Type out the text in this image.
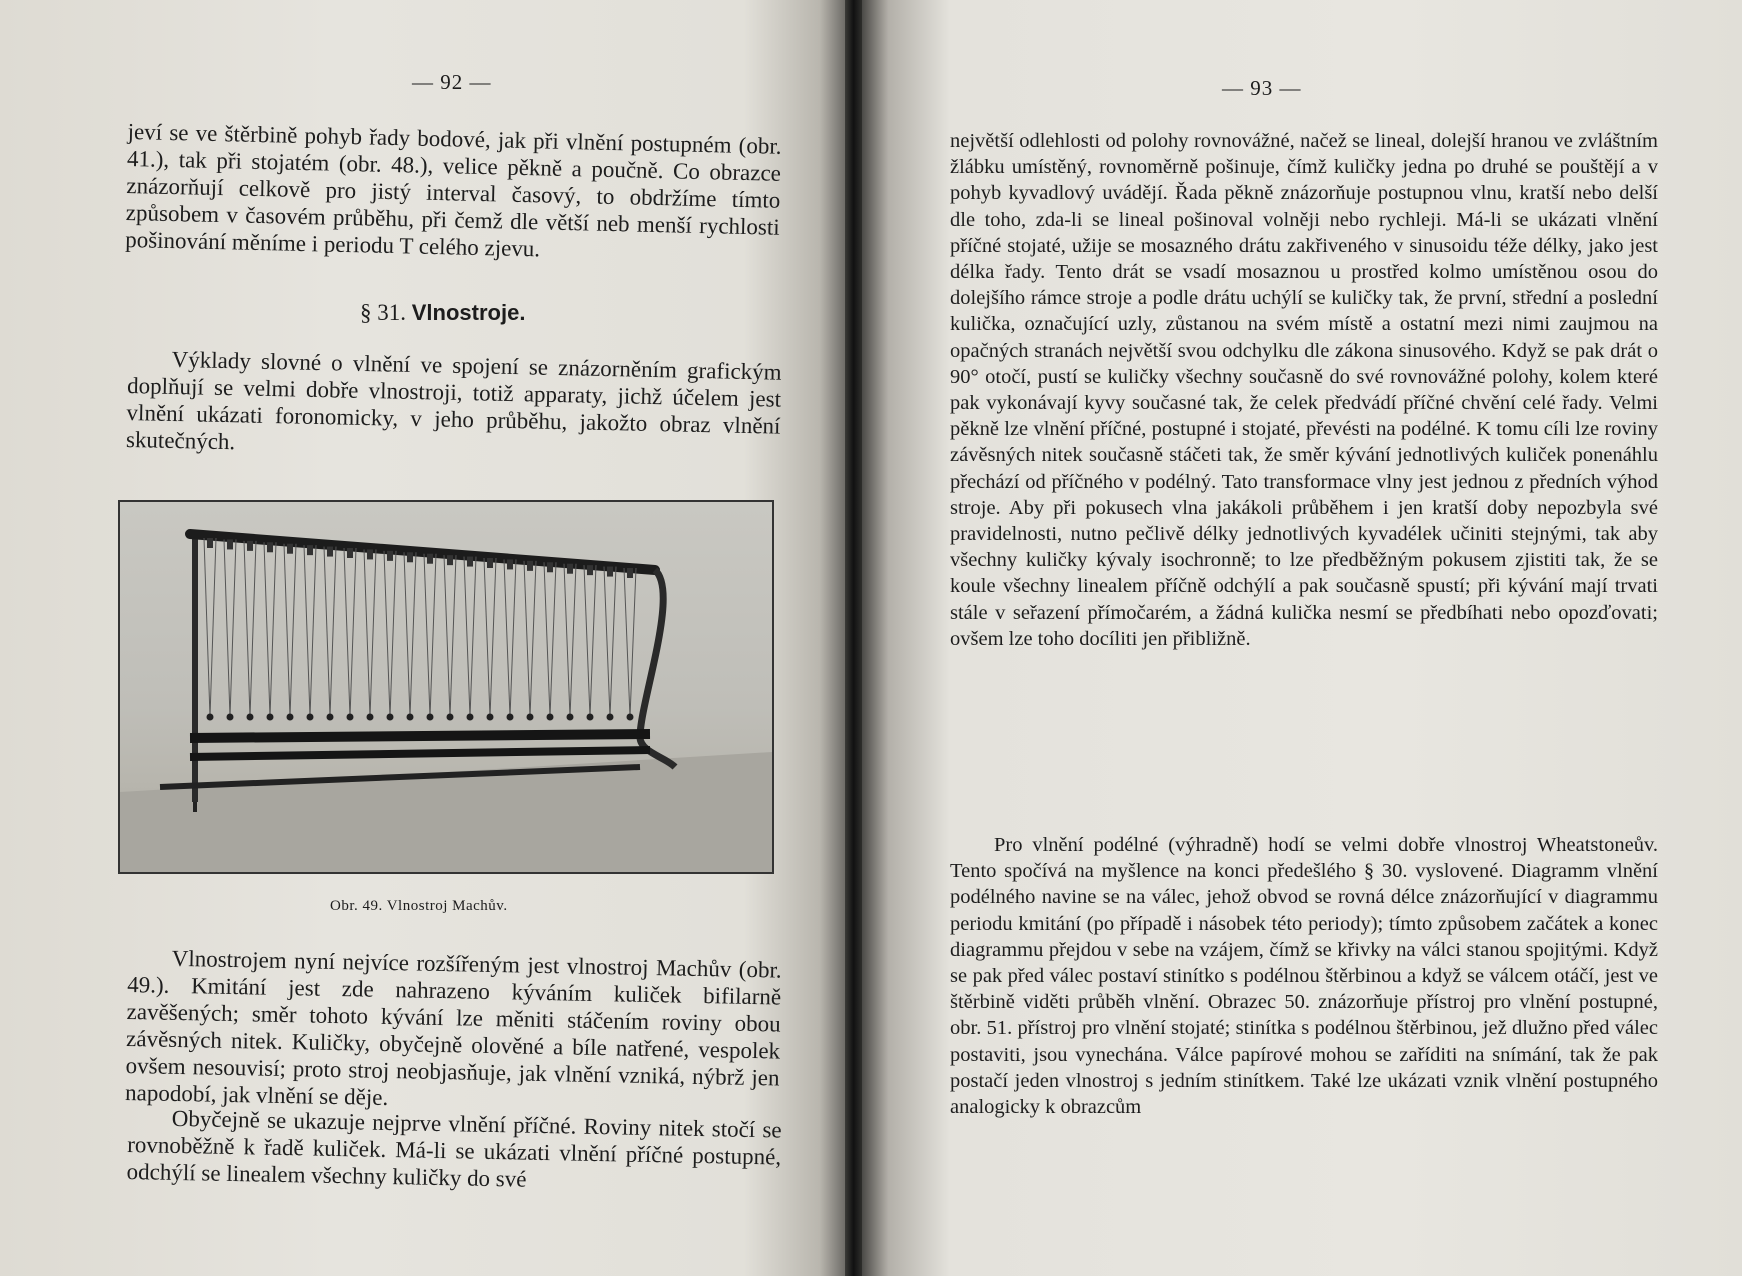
— 92 —

jeví se ve štěrbině pohyb řady bodové, jak při vlnění postupném (obr. 41.), tak při stojatém (obr. 48.), velice pěkně a poučně. Co obrazce znázorňují celkově pro jistý interval časový, to obdržíme tímto způsobem v časovém průběhu, při čemž dle větší neb menší rychlosti pošinování měníme i periodu T celého zjevu.

§ 31. Vlnostroje.

Výklady slovné o vlnění ve spojení se znázorněním grafickým doplňují se velmi dobře vlnostroji, totiž apparaty, jichž účelem jest vlnění ukázati foronomicky, v jeho průběhu, jakožto obraz vlnění skutečných.

Obr. 49. Vlnostroj Machův.

Vlnostrojem nyní nejvíce rozšířeným jest vlnostroj Machův (obr. 49.). Kmitání jest zde nahrazeno kýváním kuliček bifilarně zavěšených; směr tohoto kývání lze měniti stáčením roviny obou závěsných nitek. Kuličky, obyčejně olověné a bíle natřené, vespolek ovšem nesouvisí; proto stroj neobjasňuje, jak vlnění vzniká, nýbrž jen napodobí, jak vlnění se děje.

Obyčejně se ukazuje nejprve vlnění příčné. Roviny nitek stočí se rovnoběžně k řadě kuliček. Má-li se ukázati vlnění příčné postupné, odchýlí se linealem všechny kuličky do své

— 93 —

největší odlehlosti od polohy rovnovážné, načež se lineal, dolejší hranou ve zvláštním žlábku umístěný, rovnoměrně pošinuje, čímž kuličky jedna po druhé se pouštějí a v pohyb kyvadlový uvádějí. Řada pěkně znázorňuje postupnou vlnu, kratší nebo delší dle toho, zda-li se lineal pošinoval volněji nebo rychleji. Má-li se ukázati vlnění příčné stojaté, užije se mosazného drátu zakřiveného v sinusoidu téže délky, jako jest délka řady. Tento drát se vsadí mosaznou u prostřed kolmo umístěnou osou do dolejšího rámce stroje a podle drátu uchýlí se kuličky tak, že první, střední a poslední kulička, označující uzly, zůstanou na svém místě a ostatní mezi nimi zaujmou na opačných stranách největší svou odchylku dle zákona sinusového. Když se pak drát o 90° otočí, pustí se kuličky všechny současně do své rovnovážné polohy, kolem které pak vykonávají kyvy současné tak, že celek předvádí příčné chvění celé řady. Velmi pěkně lze vlnění příčné, postupné i stojaté, převésti na podélné. K tomu cíli lze roviny závěsných nitek současně stáčeti tak, že směr kývání jednotlivých kuliček ponenáhlu přechází od příčného v podélný. Tato transformace vlny jest jednou z předních výhod stroje. Aby při pokusech vlna jakákoli průběhem i jen kratší doby nepozbyla své pravidelnosti, nutno pečlivě délky jednotlivých kyvadélek učiniti stejnými, tak aby všechny kuličky kývaly isochronně; to lze předběžným pokusem zjistiti tak, že se koule všechny linealem příčně odchýlí a pak současně spustí; při kývání mají trvati stále v seřazení přímočarém, a žádná kulička nesmí se předbíhati nebo opozďovati; ovšem lze toho docíliti jen přibližně.

Pro vlnění podélné (výhradně) hodí se velmi dobře vlnostroj Wheatstoneův. Tento spočívá na myšlence na konci předešlého § 30. vyslovené. Diagramm vlnění podélného navine se na válec, jehož obvod se rovná délce znázorňující v diagrammu periodu kmitání (po případě i násobek této periody); tímto způsobem začátek a konec diagrammu přejdou v sebe na vzájem, čímž se křivky na válci stanou spojitými. Když se pak před válec postaví stinítko s podélnou štěrbinou a když se válcem otáčí, jest ve štěrbině viděti průběh vlnění. Obrazec 50. znázorňuje přístroj pro vlnění postupné, obr. 51. přístroj pro vlnění stojaté; stinítka s podélnou štěrbinou, jež dlužno před válec postaviti, jsou vynechána. Válce papírové mohou se zaříditi na snímání, tak že pak postačí jeden vlnostroj s jedním stinítkem. Také lze ukázati vznik vlnění postupného analogicky k obrazcům
